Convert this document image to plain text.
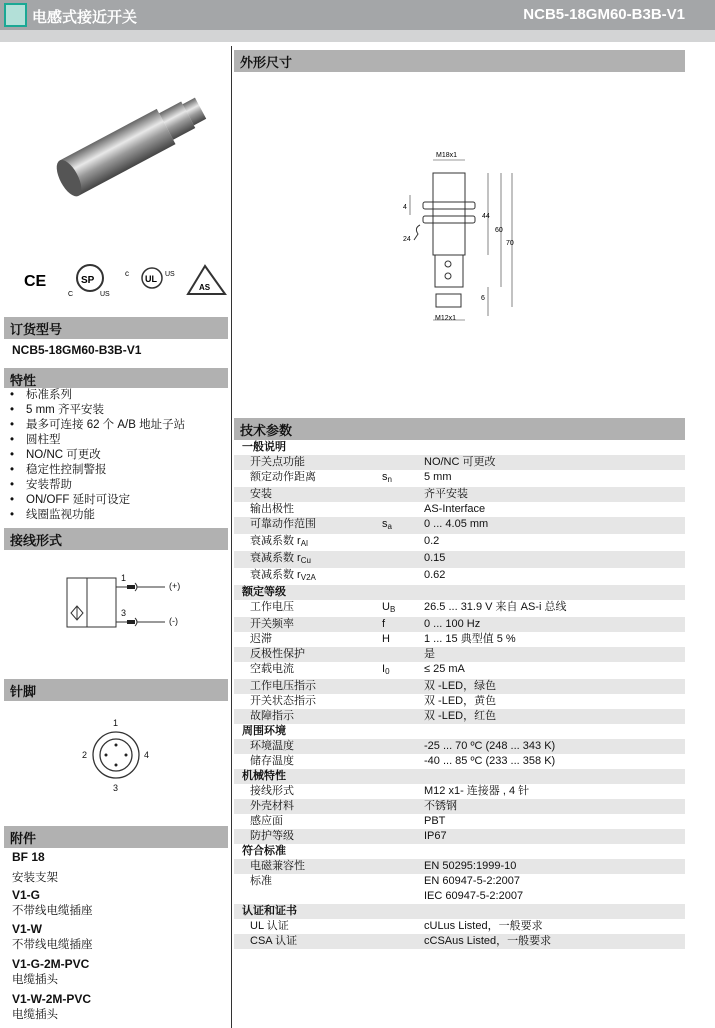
电感式接近开关	NCB5-18GM60-B3B-V1
CE	SP
C	US
UL
c	US
AS
订货型号
NCB5-18GM60-B3B-V1
特性
• 标准系列
• 5 mm 齐平安装
• 最多可连接 62 个 A/B 地址子站
• 圆柱型
• NO/NC 可更改
• 稳定性控制警报
• 安装帮助
• ON/OFF 延时可设定
• 线圈监视功能
接线形式
1
3
(+)
(-)
针脚
1
2
3
4
附件
BF 18
安装支架
V1-G
不带线电缆插座
V1-W
不带线电缆插座
V1-G-2M-PVC
电缆插头
V1-W-2M-PVC
电缆插头
外形尺寸
M18x1
M12x1
4
24
44
60
70
6
技术参数
一般说明
开关点功能	NO/NC 可更改
额定动作距离	$s_n$	5 mm
安装	齐平安装
输出极性	AS-Interface
可靠动作范围	$s_a$	0 ... 4.05 mm
衰减系数 $r_{Al}$	0.2
衰减系数 $r_{Cu}$	0.15
衰减系数 $r_{V2A}$	0.62
额定等级
工作电压	$U_B$	26.5 ... 31.9 V 来自 AS-i 总线
开关频率	f	0 ... 100 Hz
迟滞	H	1 ... 15 典型值 5 %
反极性保护	是
空载电流	$I_0$	≤ 25 mA
工作电压指示	双 -LED，绿色
开关状态指示	双 -LED，黄色
故障指示	双 -LED，红色
周围环境
环境温度	-25 ... 70 ºC (248 ... 343 K)
储存温度	-40 ... 85 ºC (233 ... 358 K)
机械特性
接线形式	M12 x1- 连接器 , 4 针
外壳材料	不锈钢
感应面	PBT
防护等级	IP67
符合标准
电磁兼容性	EN 50295:1999-10
标准	EN 60947-5-2:2007
IEC 60947-5-2:2007
认证和证书
UL 认证	cULus Listed，一般要求
CSA 认证	cCSAus Listed，一般要求
